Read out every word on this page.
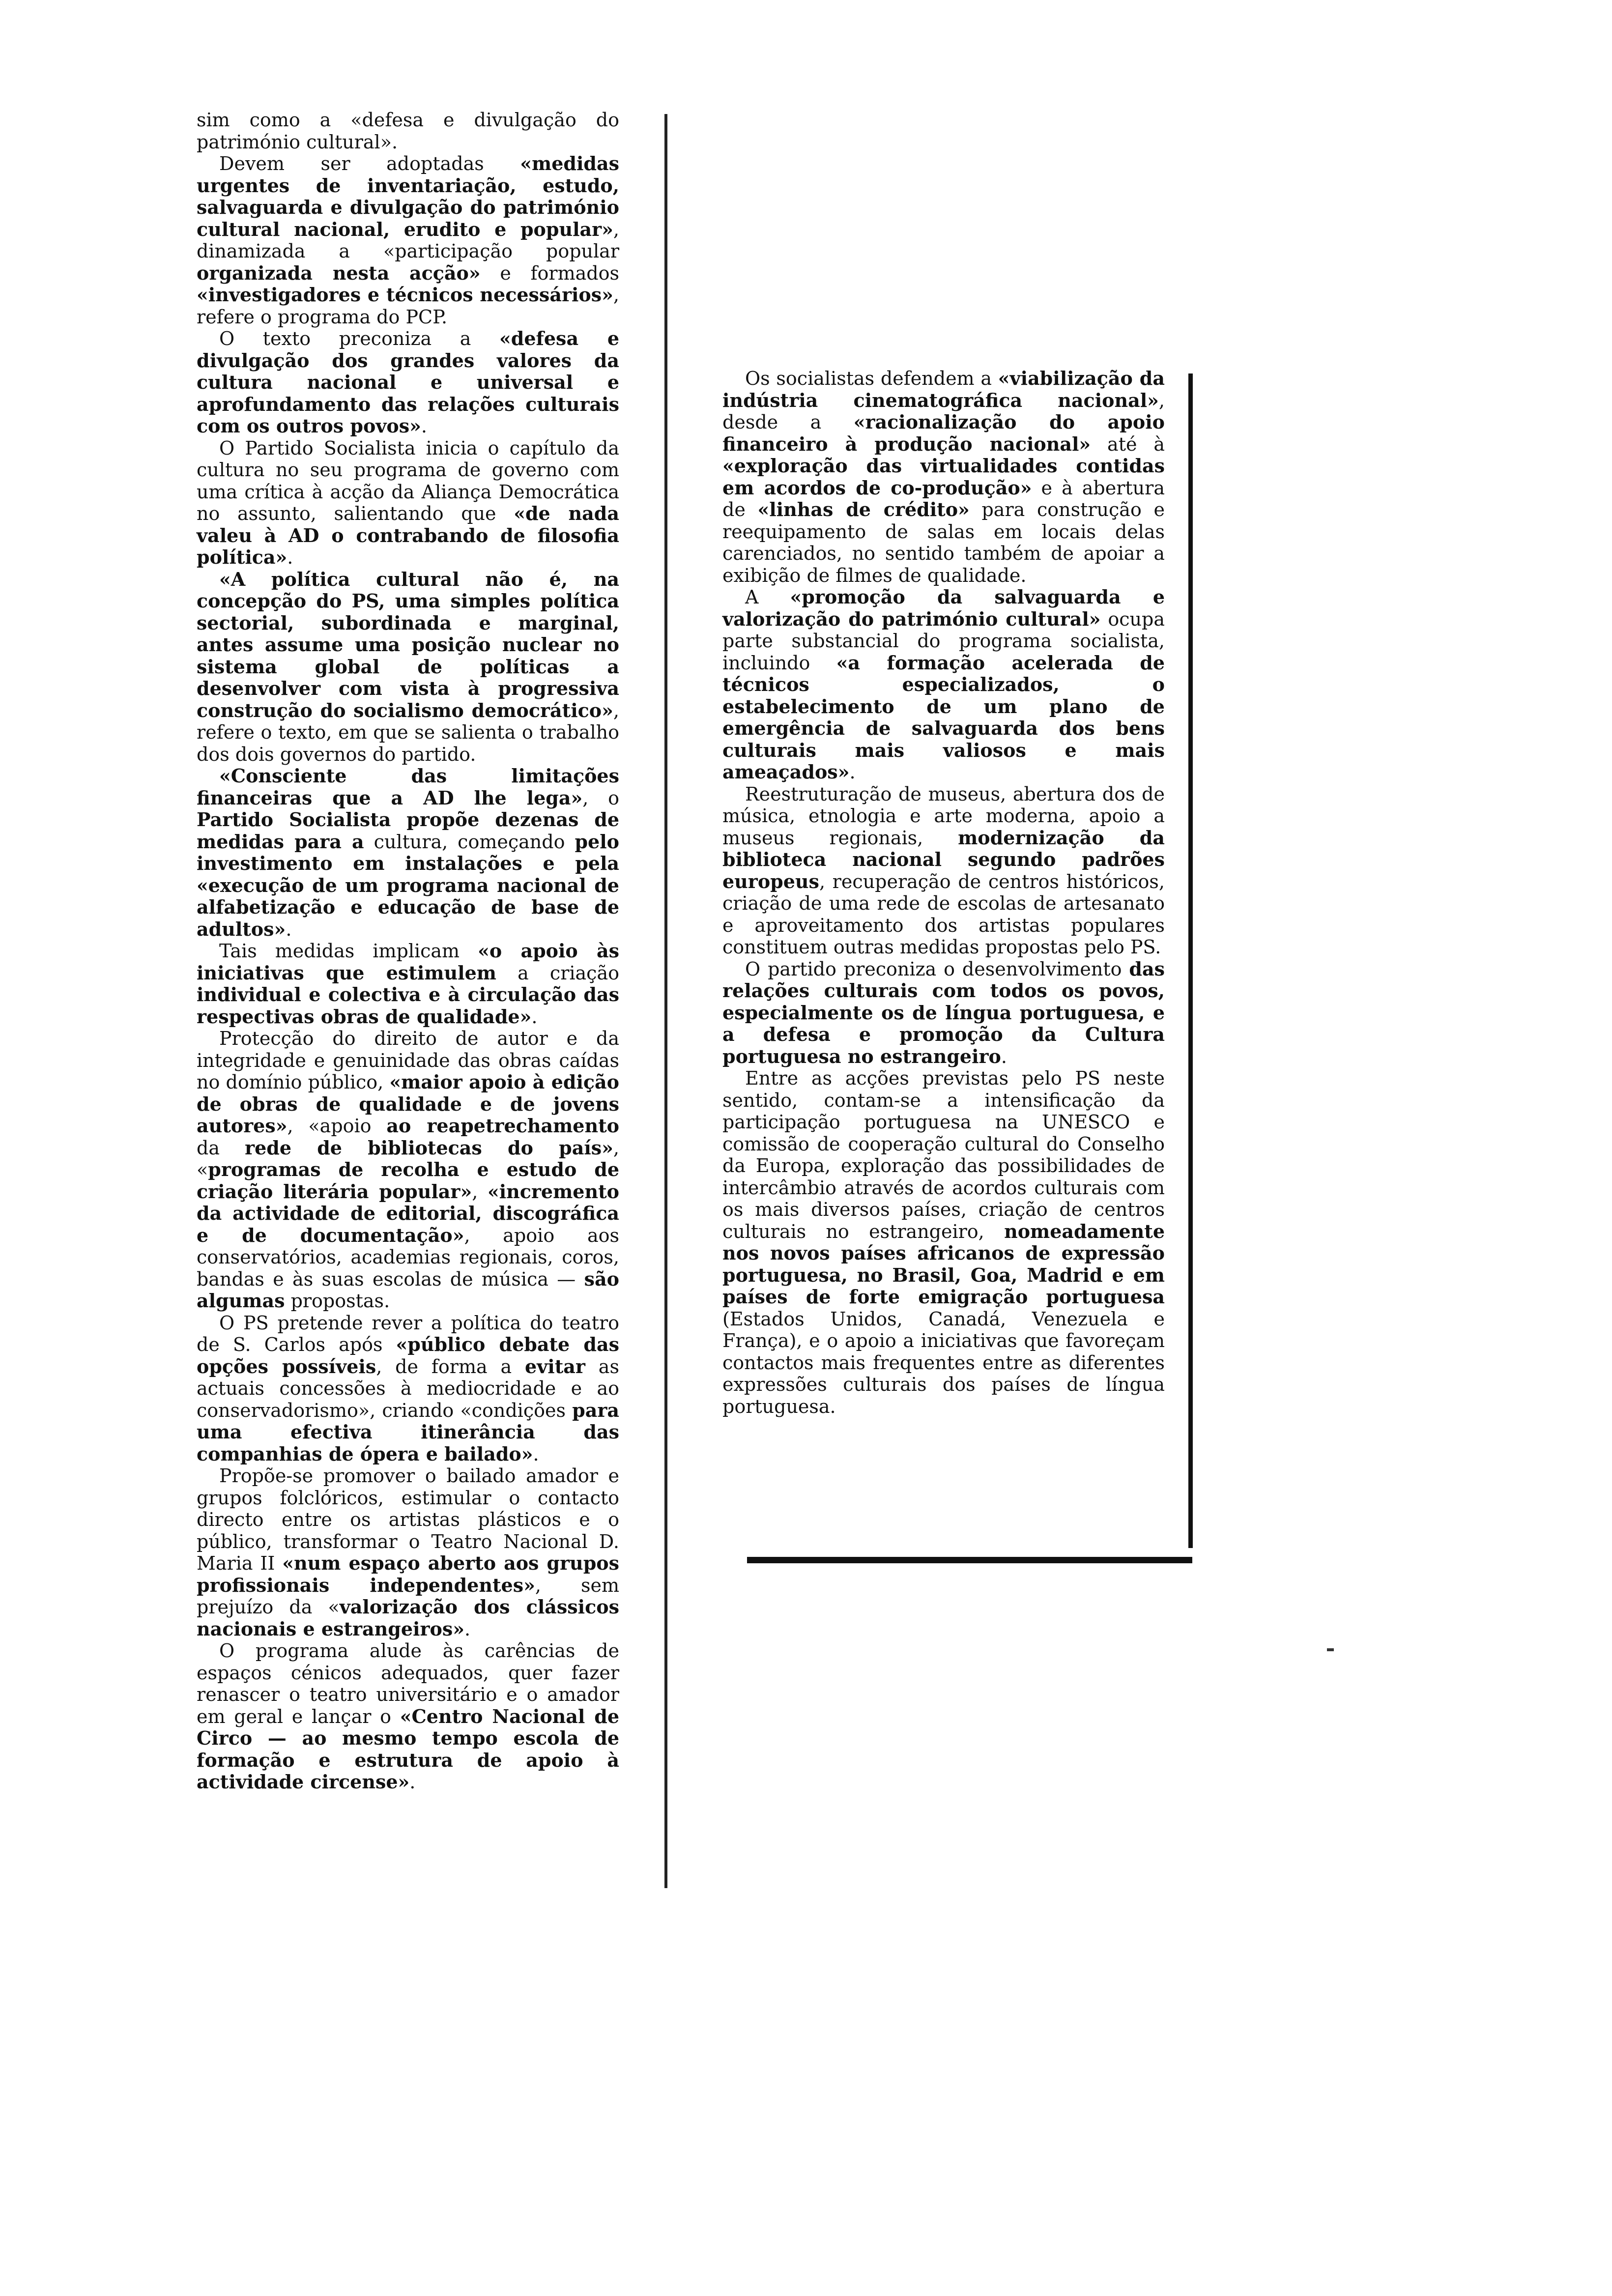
sim como a «defesa e divulgação do património cultural».

Devem ser adoptadas «medidas urgentes de inventariação, estudo, salvaguarda e divulgação do património cultural nacional, erudito e popular», dinamizada a «participação popular organizada nesta acção» e formados «investigadores e técnicos necessários», refere o programa do PCP.

O texto preconiza a «defesa e divulgação dos grandes valores da cultura nacional e universal e aprofundamento das relações culturais com os outros povos».

O Partido Socialista inicia o capítulo da cultura no seu programa de governo com uma crítica à acção da Aliança Democrática no assunto, salientando que «de nada valeu à AD o contrabando de filosofia política».

«A política cultural não é, na concepção do PS, uma simples política sectorial, subordinada e marginal, antes assume uma posição nuclear no sistema global de políticas a desenvolver com vista à progressiva construção do socialismo democrático», refere o texto, em que se salienta o trabalho dos dois governos do partido.

«Consciente das limitações financeiras que a AD lhe lega», o Partido Socialista propõe dezenas de medidas para a cultura, começando pelo investimento em instalações e pela «execução de um programa nacional de alfabetização e educação de base de adultos».

Tais medidas implicam «o apoio às iniciativas que estimulem a criação individual e colectiva e à circulação das respectivas obras de qualidade».

Protecção do direito de autor e da integridade e genuinidade das obras caídas no domínio público, «maior apoio à edição de obras de qualidade e de jovens autores», «apoio ao reapetrechamento da rede de bibliotecas do país», «programas de recolha e estudo de criação literária popular», «incremento da actividade de editorial, discográfica e de documentação», apoio aos conservatórios, academias regionais, coros, bandas e às suas escolas de música — são algumas propostas.

O PS pretende rever a política do teatro de S. Carlos após «público debate das opções possíveis, de forma a evitar as actuais concessões à mediocridade e ao conservadorismo», criando «condições para uma efectiva itinerância das companhias de ópera e bailado».

Propõe-se promover o bailado amador e grupos folclóricos, estimular o contacto directo entre os artistas plásticos e o público, transformar o Teatro Nacional D. Maria II «num espaço aberto aos grupos profissionais independentes», sem prejuízo da «valorização dos clássicos nacionais e estrangeiros».

O programa alude às carências de espaços cénicos adequados, quer fazer renascer o teatro universitário e o amador em geral e lançar o «Centro Nacional de Circo — ao mesmo tempo escola de formação e estrutura de apoio à actividade circense».

Os socialistas defendem a «viabilização da indústria cinematográfica nacional», desde a «racionalização do apoio financeiro à produção nacional» até à «exploração das virtualidades contidas em acordos de co-produção» e à abertura de «linhas de crédito» para construção e reequipamento de salas em locais delas carenciados, no sentido também de apoiar a exibição de filmes de qualidade.

A «promoção da salvaguarda e valorização do património cultural» ocupa parte substancial do programa socialista, incluindo «a formação acelerada de técnicos especializados, o estabelecimento de um plano de emergência de salvaguarda dos bens culturais mais valiosos e mais ameaçados».

Reestruturação de museus, abertura dos de música, etnologia e arte moderna, apoio a museus regionais, modernização da biblioteca nacional segundo padrões europeus, recuperação de centros históricos, criação de uma rede de escolas de artesanato e aproveitamento dos artistas populares constituem outras medidas propostas pelo PS.

O partido preconiza o desenvolvimento das relações culturais com todos os povos, especialmente os de língua portuguesa, e a defesa e promoção da Cultura portuguesa no estrangeiro.

Entre as acções previstas pelo PS neste sentido, contam-se a intensificação da participação portuguesa na UNESCO e comissão de cooperação cultural do Conselho da Europa, exploração das possibilidades de intercâmbio através de acordos culturais com os mais diversos países, criação de centros culturais no estrangeiro, nomeadamente nos novos países africanos de expressão portuguesa, no Brasil, Goa, Madrid e em países de forte emigração portuguesa (Estados Unidos, Canadá, Venezuela e França), e o apoio a iniciativas que favoreçam contactos mais frequentes entre as diferentes expressões culturais dos países de língua portuguesa.
